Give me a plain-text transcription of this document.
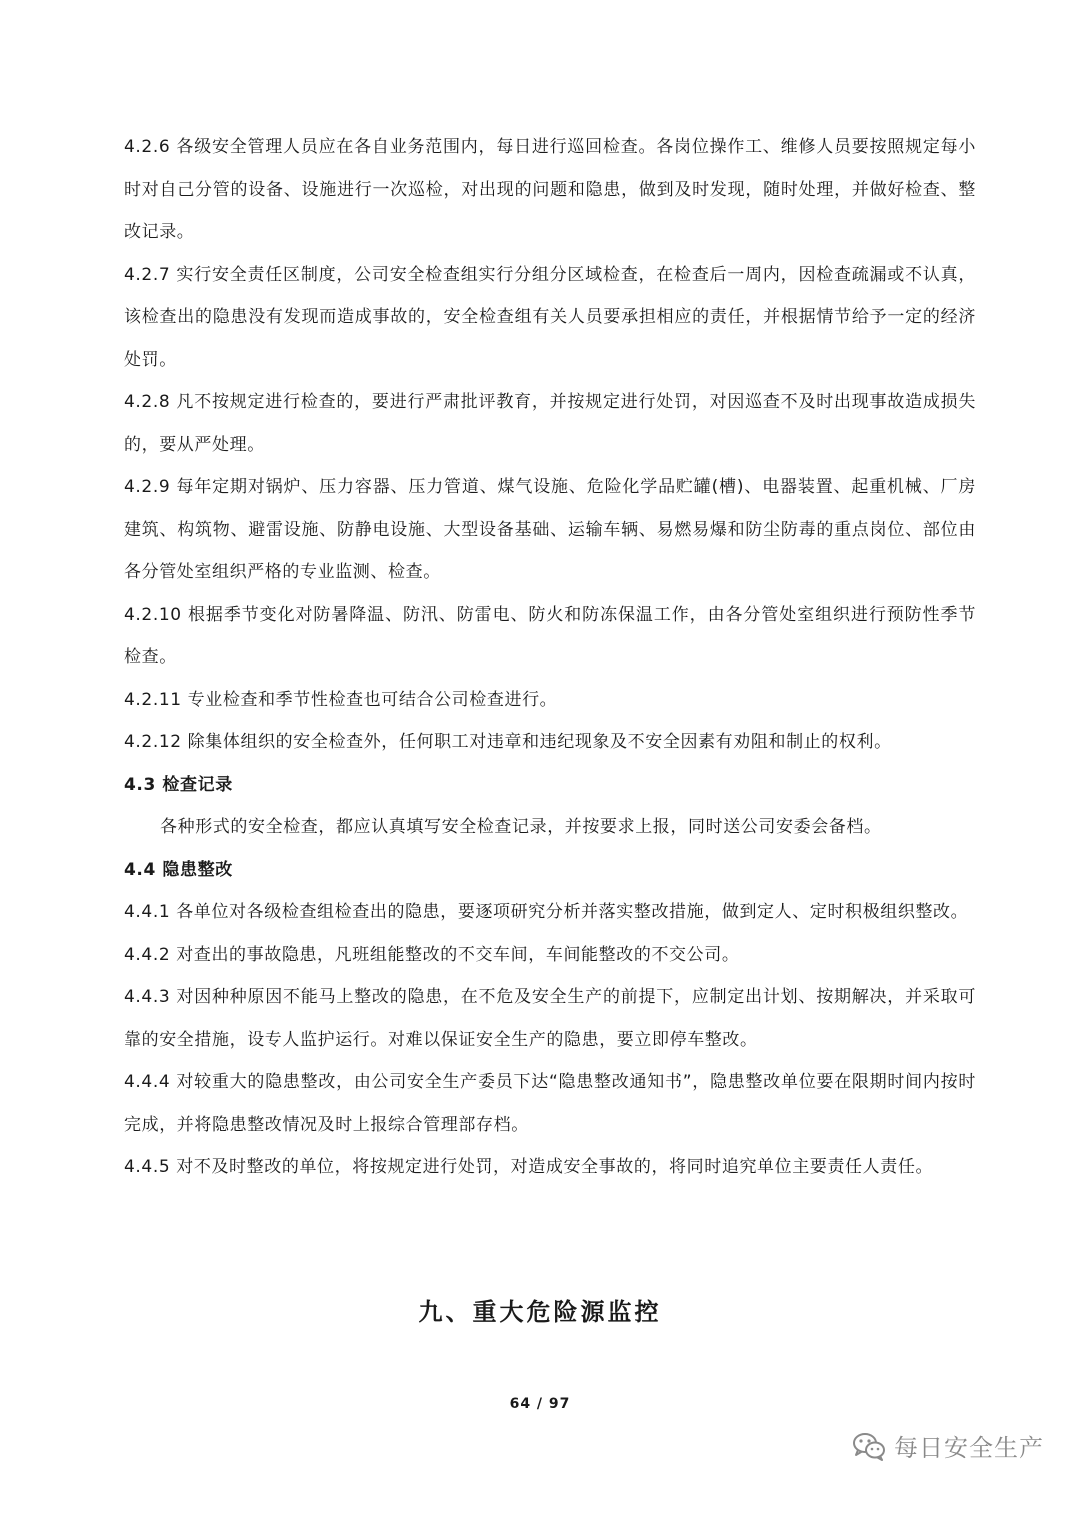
4.2.6 各级安全管理人员应在各自业务范围内，每日进行巡回检查。各岗位操作工、维修人员要按照规定每小时对自己分管的设备、设施进行一次巡检，对出现的问题和隐患，做到及时发现，随时处理，并做好检查、整改记录。

4.2.7 实行安全责任区制度，公司安全检查组实行分组分区域检查，在检查后一周内，因检查疏漏或不认真，该检查出的隐患没有发现而造成事故的，安全检查组有关人员要承担相应的责任，并根据情节给予一定的经济处罚。

4.2.8 凡不按规定进行检查的，要进行严肃批评教育，并按规定进行处罚，对因巡查不及时出现事故造成损失的，要从严处理。

4.2.9 每年定期对锅炉、压力容器、压力管道、煤气设施、危险化学品贮罐(槽)、电器装置、起重机械、厂房建筑、构筑物、避雷设施、防静电设施、大型设备基础、运输车辆、易燃易爆和防尘防毒的重点岗位、部位由各分管处室组织严格的专业监测、检查。

4.2.10 根据季节变化对防暑降温、防汛、防雷电、防火和防冻保温工作，由各分管处室组织进行预防性季节检查。

4.2.11 专业检查和季节性检查也可结合公司检查进行。

4.2.12 除集体组织的安全检查外，任何职工对违章和违纪现象及不安全因素有劝阻和制止的权利。

4.3 检查记录

各种形式的安全检查，都应认真填写安全检查记录，并按要求上报，同时送公司安委会备档。

4.4 隐患整改

4.4.1 各单位对各级检查组检查出的隐患，要逐项研究分析并落实整改措施，做到定人、定时积极组织整改。

4.4.2 对查出的事故隐患，凡班组能整改的不交车间，车间能整改的不交公司。

4.4.3 对因种种原因不能马上整改的隐患，在不危及安全生产的前提下，应制定出计划、按期解决，并采取可靠的安全措施，设专人监护运行。对难以保证安全生产的隐患，要立即停车整改。

4.4.4 对较重大的隐患整改，由公司安全生产委员下达“隐患整改通知书”，隐患整改单位要在限期时间内按时完成，并将隐患整改情况及时上报综合管理部存档。

4.4.5 对不及时整改的单位，将按规定进行处罚，对造成安全事故的，将同时追究单位主要责任人责任。

九、重大危险源监控
64 / 97
每日安全生产
